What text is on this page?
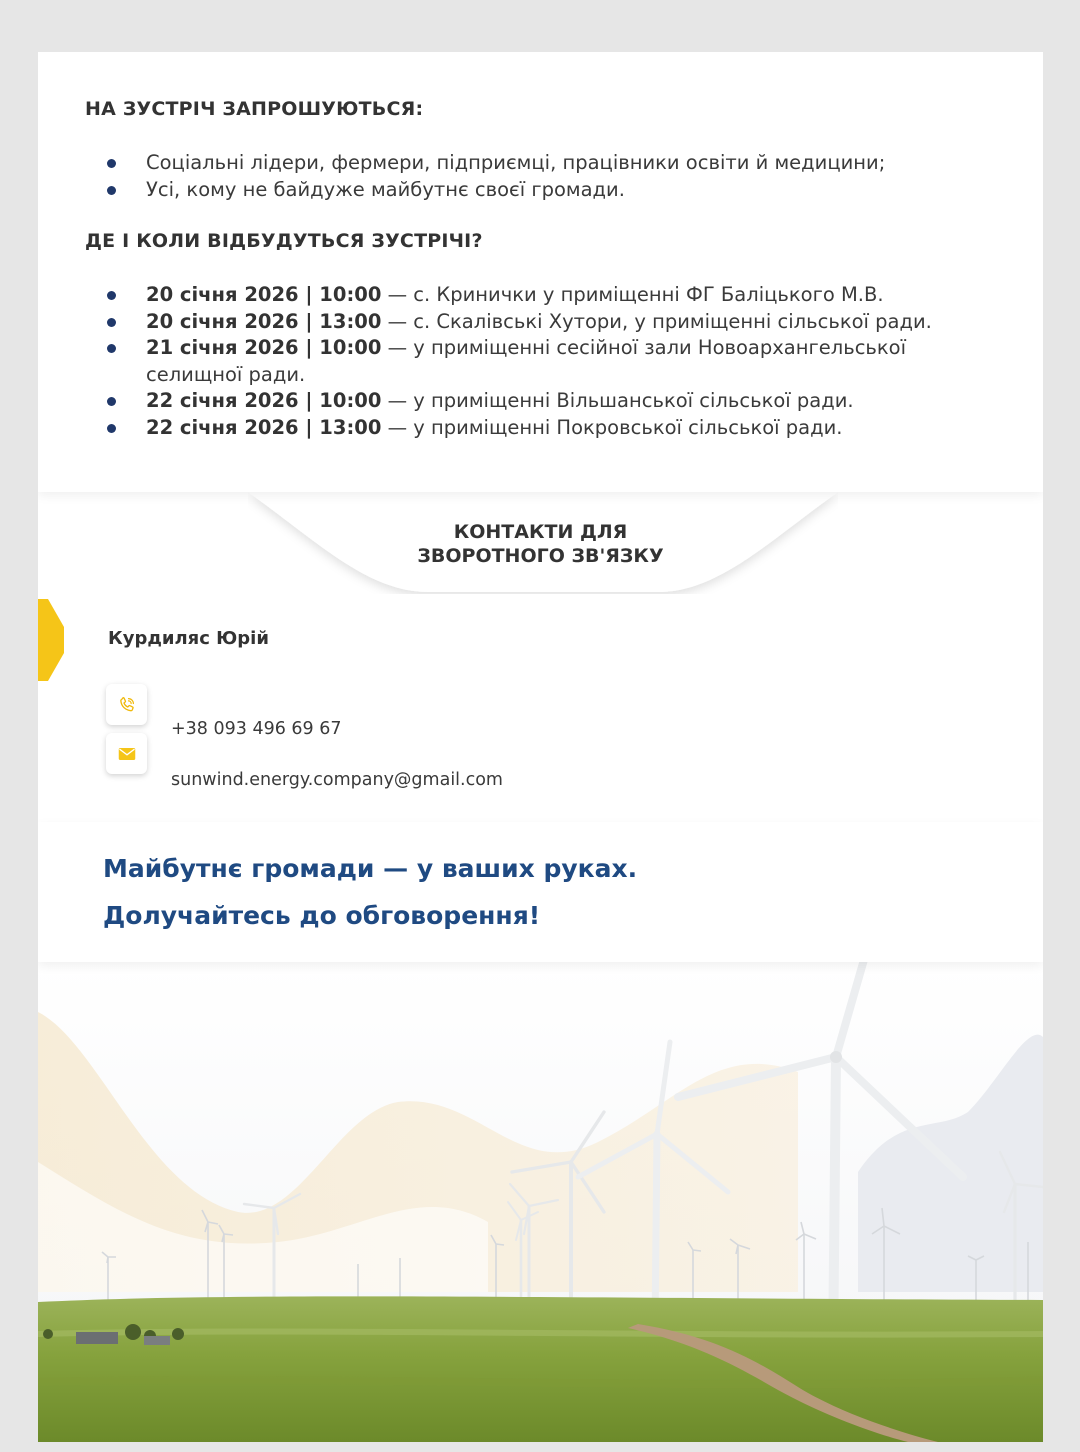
НА ЗУСТРІЧ ЗАПРОШУЮТЬСЯ:
Соціальні лідери, фермери, підприємці, працівники освіти й медицини;
Усі, кому не байдуже майбутнє своєї громади.
ДЕ І КОЛИ ВІДБУДУТЬСЯ ЗУСТРІЧІ?
20 січня 2026 | 10:00 — с. Кринички у приміщенні ФГ Баліцького М.В.
20 січня 2026 | 13:00 — с. Скалівські Хутори, у приміщенні сільської ради.
21 січня 2026 | 10:00 — у приміщенні сесійної зали Новоархангельської селищної ради.
22 січня 2026 | 10:00 — у приміщенні Вільшанської сільської ради.
22 січня 2026 | 13:00 — у приміщенні Покровської сільської ради.
КОНТАКТИ ДЛЯ
ЗВОРОТНОГО ЗВ'ЯЗКУ
Курдиляс Юрій
+38 093 496 69 67
sunwind.energy.company@gmail.com
Майбутнє громади — у ваших руках.
Долучайтесь до обговорення!
